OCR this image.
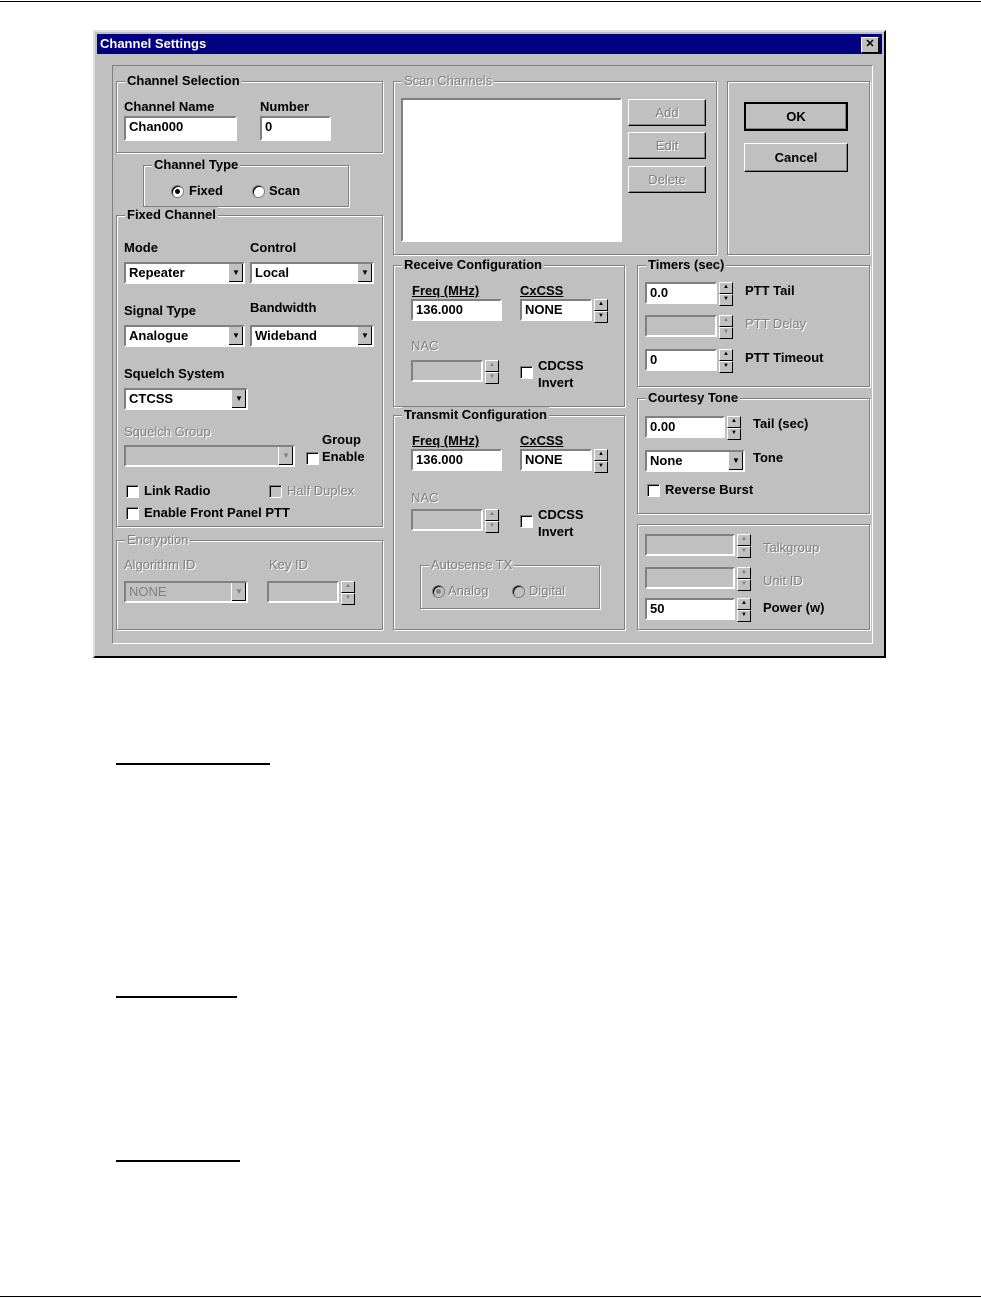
Channel Settings	✕
Channel Selection
Channel Name
Chan000
Number
0
Channel Type
Fixed	Scan
Fixed Channel
Mode
Repeater	▼
Control
Local	▼
Signal Type
Analogue	▼
Bandwidth
Wideband	▼
Squelch System
CTCSS	▼
Squelch Group
▼
Group
Enable
Link Radio	Half Duplex
Enable Front Panel PTT
Encryption
Algorithm ID
NONE	▼
Key ID
▲
▼
Scan Channels
Add
Edit
Delete
OK
Cancel
Receive Configuration
Freq (MHz)
136.000
CxCSS
NONE	▲
▼
NAC
▲
▼
CDCSS
Invert
Transmit Configuration
Freq (MHz)
136.000
CxCSS
NONE	▲
▼
NAC
▲
▼
CDCSS
Invert
Autosense TX
Analog	Digital
Timers (sec)
0.0	▲
▼
PTT Tail
▲
▼
PTT Delay
0	▲
▼
PTT Timeout
Courtesy Tone
0.00	▲
▼
Tail (sec)
None	▼ Tone
Reverse Burst
▲
▼	Talkgroup
▲
▼	Unit ID
50	▲
▼	Power (w)
